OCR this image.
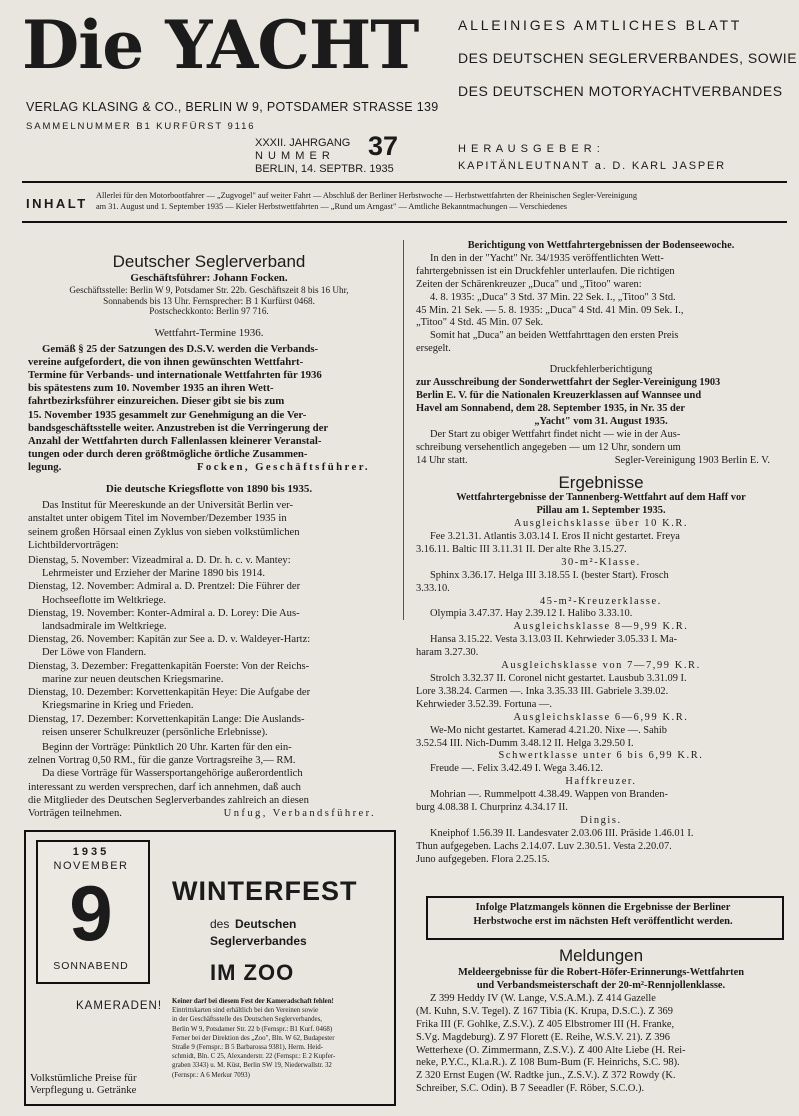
Die YACHT
VERLAG KLASING & CO., BERLIN W 9, POTSDAMER STRASSE 139
SAMMELNUMMER B1 KURFÜRST 9116
ALLEINIGES AMTLICHES BLATT
DES DEUTSCHEN SEGLERVERBANDES, SOWIE
DES DEUTSCHEN MOTORYACHTVERBANDES
XXXII. JAHRGANG
N U M M E R 37
BERLIN, 14. SEPTBR. 1935
H E R A U S G E B E R :
KAPITÄNLEUTNANT a. D. KARL JASPER
INHALT
Allerlei für den Motorbootfahrer — „Zugvogel" auf weiter Fahrt — Abschluß der Berliner Herbstwoche — Herbstwettfahrten der Rheinischen Segler-Vereinigung
am 31. August und 1. September 1935 — Kieler Herbstwettfahrten — „Rund um Arngast" — Amtliche Bekanntmachungen — Verschiedenes
Deutscher Seglerverband

Geschäftsführer: Johann Focken.

Geschäftsstelle: Berlin W 9, Potsdamer Str. 22b. Geschäftszeit 8 bis 16 Uhr,

Sonnabends bis 13 Uhr. Fernsprecher: B 1 Kurfürst 0468.

Postscheckkonto: Berlin 97 716.

Wettfahrt-Termine 1936.

Gemäß § 25 der Satzungen des D.S.V. werden die Verbands-

vereine aufgefordert, die von ihnen gewünschten Wettfahrt-

Termine für Verbands- und internationale Wettfahrten für 1936

bis spätestens zum 10. November 1935 an ihren Wett-

fahrtbezirksführer einzureichen. Dieser gibt sie bis zum

15. November 1935 gesammelt zur Genehmigung an die Ver-

bandsgeschäftsstelle weiter. Anzustreben ist die Verringerung der

Anzahl der Wettfahrten durch Fallenlassen kleinerer Veranstal-

tungen oder durch deren größtmögliche örtliche Zusammen-

legung.	Focken, Geschäftsführer.

Die deutsche Kriegsflotte von 1890 bis 1935.

Das Institut für Meereskunde an der Universität Berlin ver-

anstaltet unter obigem Titel im November/Dezember 1935 in

seinem großen Hörsaal einen Zyklus von sieben volkstümlichen

Lichtbildervorträgen:

Dienstag, 5. November: Vizeadmiral a. D. Dr. h. c. v. Mantey:

Lehrmeister und Erzieher der Marine 1890 bis 1914.

Dienstag, 12. November: Admiral a. D. Prentzel: Die Führer der

Hochseeflotte im Weltkriege.

Dienstag, 19. November: Konter-Admiral a. D. Lorey: Die Aus-

landsadmirale im Weltkriege.

Dienstag, 26. November: Kapitän zur See a. D. v. Waldeyer-Hartz:

Der Löwe von Flandern.

Dienstag, 3. Dezember: Fregattenkapitän Foerste: Von der Reichs-

marine zur neuen deutschen Kriegsmarine.

Dienstag, 10. Dezember: Korvettenkapitän Heye: Die Aufgabe der

Kriegsmarine in Krieg und Frieden.

Dienstag, 17. Dezember: Korvettenkapitän Lange: Die Auslands-

reisen unserer Schulkreuzer (persönliche Erlebnisse).

Beginn der Vorträge: Pünktlich 20 Uhr. Karten für den ein-

zelnen Vortrag 0,50 RM., für die ganze Vortragsreihe 3,— RM.

Da diese Vorträge für Wassersportangehörige außerordentlich

interessant zu werden versprechen, darf ich annehmen, daß auch

die Mitglieder des Deutschen Seglerverbandes zahlreich an diesen

Vorträgen teilnehmen.	Unfug, Verbandsführer.

1935
NOVEMBER
9
SONNABEND
WINTERFEST
des Deutschen
Seglerverbandes
IM ZOO
KAMERADEN! Keiner darf bei diesem Fest der Kameradschaft fehlen!
Eintrittskarten sind erhältlich bei den Vereinen sowie
in der Geschäftsstelle des Deutschen Seglerverbandes,
Berlin W 9, Potsdamer Str. 22 b (Fernspr.: B1 Kurf. 0468)
Ferner bei der Direktion des „Zoo", Bln. W 62, Budapester
Straße 9 (Fernspr.: B 5 Barbarossa 9381), Herm. Heid-
schmidt, Bln. C 25, Alexanderstr. 22 (Fernspr.: E 2 Kupfer-
graben 3343) u. M. Küst, Berlin SW 19, Niederwallstr. 32
(Fernspr.: A 6 Merkur 7093)
Volkstümliche Preise für
Verpflegung u. Getränke

Berichtigung von Wettfahrtergebnissen der Bodenseewoche.

In den in der "Yacht" Nr. 34/1935 veröffentlichten Wett-

fahrtergebnissen ist ein Druckfehler unterlaufen. Die richtigen

Zeiten der Schärenkreuzer „Duca" und „Titoo" waren:

4. 8. 1935: „Duca" 3 Std. 37 Min. 22 Sek. I., „Titoo" 3 Std.

45 Min. 21 Sek. — 5. 8. 1935: „Duca" 4 Std. 41 Min. 09 Sek. I.,

„Titoo" 4 Std. 45 Min. 07 Sek.

Somit hat „Duca" an beiden Wettfahrttagen den ersten Preis

ersegelt.

Druckfehlerberichtigung

zur Ausschreibung der Sonderwettfahrt der Segler-Vereinigung 1903

Berlin E. V. für die Nationalen Kreuzerklassen auf Wannsee und

Havel am Sonnabend, dem 28. September 1935, in Nr. 35 der

„Yacht" vom 31. August 1935.

Der Start zu obiger Wettfahrt findet nicht — wie in der Aus-

schreibung versehentlich angegeben — um 12 Uhr, sondern um

14 Uhr statt.	Segler-Vereinigung 1903 Berlin E. V.

Ergebnisse

Wettfahrtergebnisse der Tannenberg-Wettfahrt auf dem Haff vor

Pillau am 1. September 1935.

Ausgleichsklasse über 10 K.R.

Fee 3.21.31. Atlantis 3.03.14 I. Eros II nicht gestartet. Freya

3.16.11. Baltic III 3.11.31 II. Der alte Rhe 3.15.27.

30-m²-Klasse.

Sphinx 3.36.17. Helga III 3.18.55 I. (bester Start). Frosch

3.33.10.

45-m²-Kreuzerklasse.

Olympia 3.47.37. Hay 2.39.12 I. Halibo 3.33.10.

Ausgleichsklasse 8—9,99 K.R.

Hansa 3.15.22. Vesta 3.13.03 II. Kehrwieder 3.05.33 I. Ma-

haram 3.27.30.

Ausgleichsklasse von 7—7,99 K.R.

Strolch 3.32.37 II. Coronel nicht gestartet. Lausbub 3.31.09 I.

Lore 3.38.24. Carmen —. Inka 3.35.33 III. Gabriele 3.39.02.

Kehrwieder 3.52.39. Fortuna —.

Ausgleichsklasse 6—6,99 K.R.

We-Mo nicht gestartet. Kamerad 4.21.20. Nixe —. Sahib

3.52.54 III. Nich-Dumm 3.48.12 II. Helga 3.29.50 I.

Schwertklasse unter 6 bis 6,99 K.R.

Freude —. Felix 3.42.49 I. Wega 3.46.12.

Haffkreuzer.

Mohrian —. Rummelpott 4.38.49. Wappen von Branden-

burg 4.08.38 I. Churprinz 4.34.17 II.

Dingis.

Kneiphof 1.56.39 II. Landesvater 2.03.06 III. Präside 1.46.01 I.

Thun aufgegeben. Lachs 2.14.07. Luv 2.30.51. Vesta 2.20.07.

Juno aufgegeben. Flora 2.25.15.

Infolge Platzmangels können die Ergebnisse der Berliner
Herbstwoche erst im nächsten Heft veröffentlicht werden.
Meldungen

Meldeergebnisse für die Robert-Höfer-Erinnerungs-Wettfahrten

und Verbandsmeisterschaft der 20-m²-Rennjollenklasse.

Z 399 Heddy IV (W. Lange, V.S.A.M.). Z 414 Gazelle

(M. Kuhn, S.V. Tegel). Z 167 Tibia (K. Krupa, D.S.C.). Z 369

Frika III (F. Gohlke, Z.S.V.). Z 405 Elbstromer III (H. Franke,

S.Vg. Magdeburg). Z 97 Florett (E. Reihe, W.S.V. 21). Z 396

Wetterhexe (O. Zimmermann, Z.S.V.). Z 400 Alte Liebe (H. Rei-

neke, P.Y.C., Kl.a.R.). Z 108 Bum-Bum (F. Heinrichs, S.C. 98).

Z 320 Ernst Eugen (W. Radtke jun., Z.S.V.). Z 372 Rowdy (K.

Schreiber, S.C. Odin). B 7 Seeadler (F. Röber, S.C.O.).
